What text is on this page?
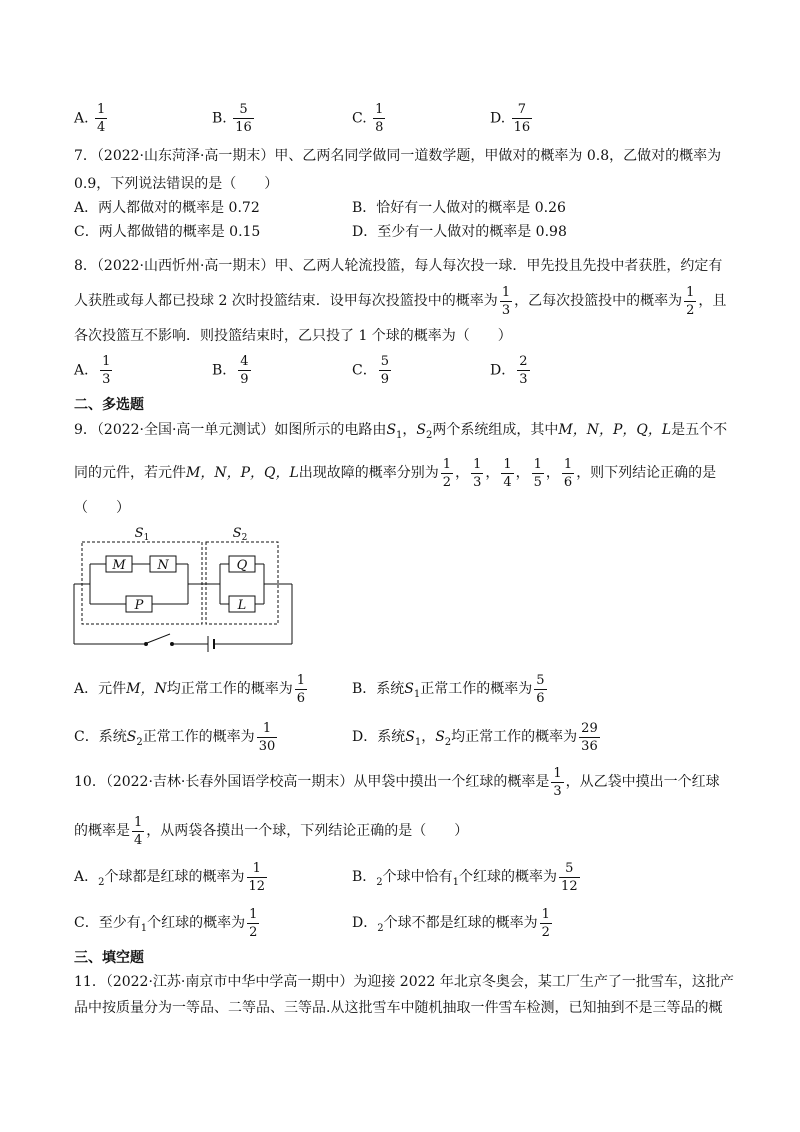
A. $\frac{1}{4}$	B. $\frac{5}{16}$	C. $\frac{1}{8}$	D. $\frac{7}{16}$
7．（2022·山东菏泽·高一期末）甲、乙两名同学做同一道数学题，甲做对的概率为 0.8，乙做对的概率为
0.9，下列说法错误的是（　　）
A．两人都做对的概率是 0.72	B．恰好有一人做对的概率是 0.26
C．两人都做错的概率是 0.15	D．至少有一人做对的概率是 0.98
8．（2022·山西忻州·高一期末）甲、乙两人轮流投篮，每人每次投一球．甲先投且先投中者获胜，约定有
人获胜或每人都已投球 2 次时投篮结束．设甲每次投篮投中的概率为 $\frac{1}{3}$ ，乙每次投篮投中的概率为 $\frac{1}{2}$ ，且
各次投篮互不影响．则投篮结束时，乙只投了 1 个球的概率为（　　）
A． $\frac{1}{3}$	B． $\frac{4}{9}$	C． $\frac{5}{9}$	D． $\frac{2}{3}$
二、多选题
9．（2022·全国·高一单元测试）如图所示的电路由$S_1$，$S_2$两个系统组成，其中M，N，P，Q，L是五个不
同的元件，若元件M，N，P，Q，L出现故障的概率分别为 $\frac{1}{2}$ ， $\frac{1}{3}$ ， $\frac{1}{4}$ ， $\frac{1}{5}$ ， $\frac{1}{6}$ ，则下列结论正确的是
（　　）
$S_1$	$S_2$
M N
P
Q
L
A．元件M，N均正常工作的概率为 $\frac{1}{6}$	B．系统$S_1$正常工作的概率为 $\frac{5}{6}$
C．系统$S_2$正常工作的概率为 $\frac{1}{30}$	D．系统$S_1$，$S_2$均正常工作的概率为 $\frac{29}{36}$
10．（2022·吉林·长春外国语学校高一期末）从甲袋中摸出一个红球的概率是 $\frac{1}{3}$ ，从乙袋中摸出一个红球
的概率是 $\frac{1}{4}$ ，从两袋各摸出一个球，下列结论正确的是（　　）
A．$_2$个球都是红球的概率为 $\frac{1}{12}$	B．$_2$个球中恰有$_1$个红球的概率为 $\frac{5}{12}$
C．至少有$_1$个红球的概率为 $\frac{1}{2}$	D．$_2$个球不都是红球的概率为 $\frac{1}{2}$
三、填空题
11．（2022·江苏·南京市中华中学高一期中）为迎接 2022 年北京冬奥会，某工厂生产了一批雪车，这批产
品中按质量分为一等品、二等品、三等品.从这批雪车中随机抽取一件雪车检测，已知抽到不是三等品的概
